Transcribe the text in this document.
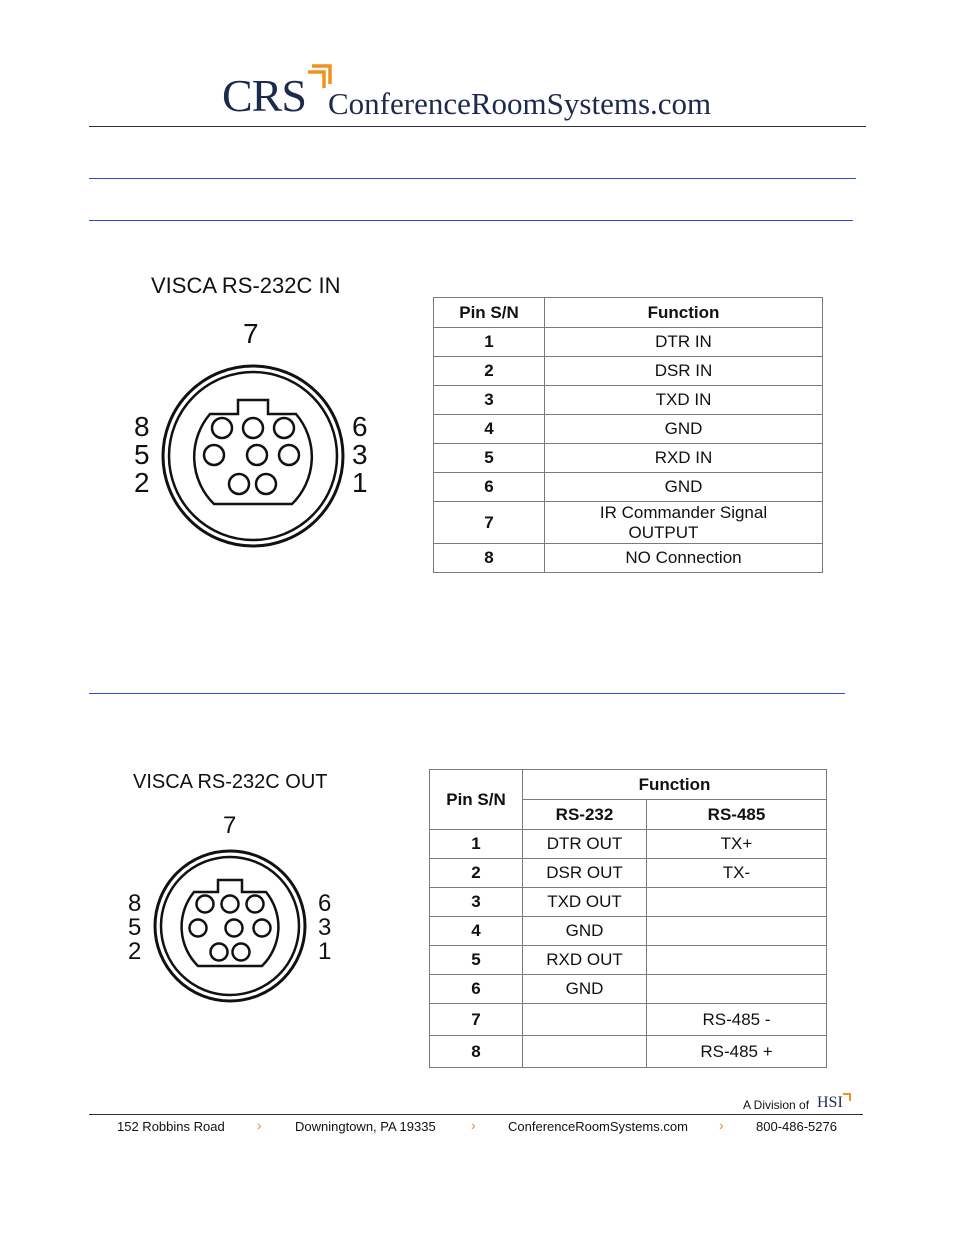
CRS ConferenceRoomSystems.com
VISCA RS-232C IN
7
8
5
2
6
3
1
Pin S/N	Function
1	DTR IN
2	DSR IN
3	TXD IN
4	GND
5	RXD IN
6	GND
7	IR Commander Signal
OUTPUT

8	NO Connection
VISCA RS-232C OUT
7
8
5
2
6
3
1
Pin S/N	Function	
	RS-232	RS-485
1	DTR OUT	TX+
2	DSR OUT	TX-
3	TXD OUT	
4	GND	
5	RXD OUT	
6	GND	
7		RS-485 -
8		RS-485 +
A Division of HSI
152 Robbins Road ›	Downingtown, PA 19335	› ConferenceRoomSystems.com › 800-486-5276
